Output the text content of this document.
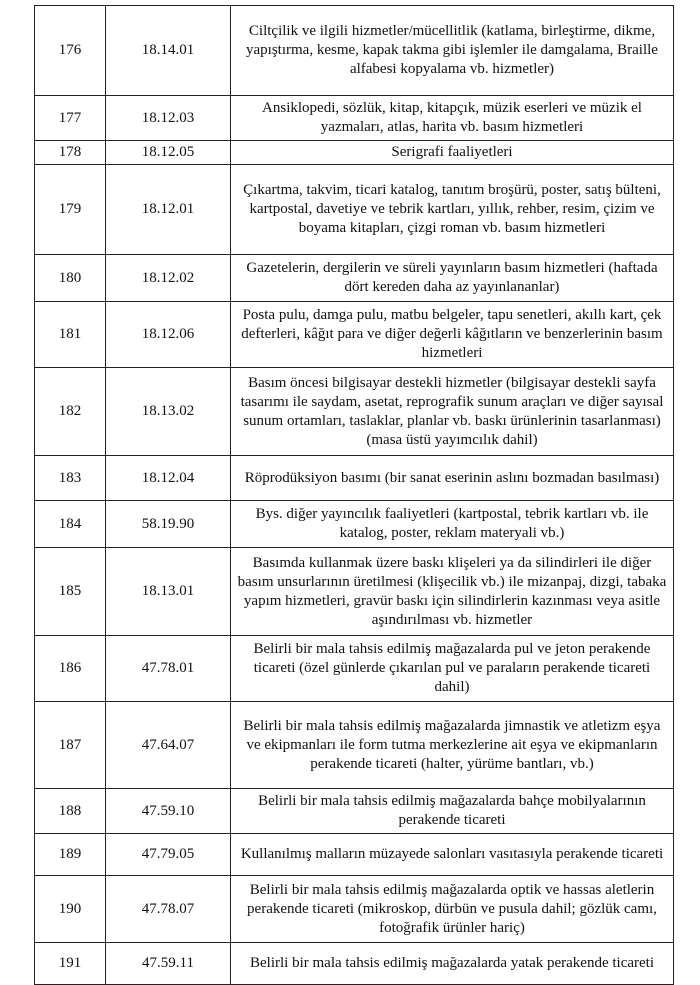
176	18.14.01	Ciltçilik ve ilgili hizmetler/mücellitlik (katlama, birleştirme, dikme, yapıştırma, kesme, kapak takma gibi işlemler ile damgalama, Braille alfabesi kopyalama vb. hizmetler)
177	18.12.03	Ansiklopedi, sözlük, kitap, kitapçık, müzik eserleri ve müzik el yazmaları, atlas, harita vb. basım hizmetleri
178	18.12.05	Serigrafi faaliyetleri
179	18.12.01	Çıkartma, takvim, ticari katalog, tanıtım broşürü, poster, satış bülteni, kartpostal, davetiye ve tebrik kartları, yıllık, rehber, resim, çizim ve boyama kitapları, çizgi roman vb. basım hizmetleri
180	18.12.02	Gazetelerin, dergilerin ve süreli yayınların basım hizmetleri (haftada dört kereden daha az yayınlananlar)
181	18.12.06	Posta pulu, damga pulu, matbu belgeler, tapu senetleri, akıllı kart, çek defterleri, kâğıt para ve diğer değerli kâğıtların ve benzerlerinin basım hizmetleri
182	18.13.02	Basım öncesi bilgisayar destekli hizmetler (bilgisayar destekli sayfa tasarımı ile saydam, asetat, reprografik sunum araçları ve diğer sayısal sunum ortamları, taslaklar, planlar vb. baskı ürünlerinin tasarlanması) (masa üstü yayımcılık dahil)
183	18.12.04	Röprodüksiyon basımı (bir sanat eserinin aslını bozmadan basılması)
184	58.19.90	Bys. diğer yayıncılık faaliyetleri (kartpostal, tebrik kartları vb. ile katalog, poster, reklam materyali vb.)
185	18.13.01	Basımda kullanmak üzere baskı klişeleri ya da silindirleri ile diğer basım unsurlarının üretilmesi (klişecilik vb.) ile mizanpaj, dizgi, tabaka yapım hizmetleri, gravür baskı için silindirlerin kazınması veya asitle aşındırılması vb. hizmetler
186	47.78.01	Belirli bir mala tahsis edilmiş mağazalarda pul ve jeton perakende ticareti (özel günlerde çıkarılan pul ve paraların perakende ticareti dahil)
187	47.64.07	Belirli bir mala tahsis edilmiş mağazalarda jimnastik ve atletizm eşya ve ekipmanları ile form tutma merkezlerine ait eşya ve ekipmanların perakende ticareti (halter, yürüme bantları, vb.)
188	47.59.10	Belirli bir mala tahsis edilmiş mağazalarda bahçe mobilyalarının perakende ticareti
189	47.79.05	Kullanılmış malların müzayede salonları vasıtasıyla perakende ticareti
190	47.78.07	Belirli bir mala tahsis edilmiş mağazalarda optik ve hassas aletlerin perakende ticareti (mikroskop, dürbün ve pusula dahil; gözlük camı, fotoğrafik ürünler hariç)
191	47.59.11	Belirli bir mala tahsis edilmiş mağazalarda yatak perakende ticareti
